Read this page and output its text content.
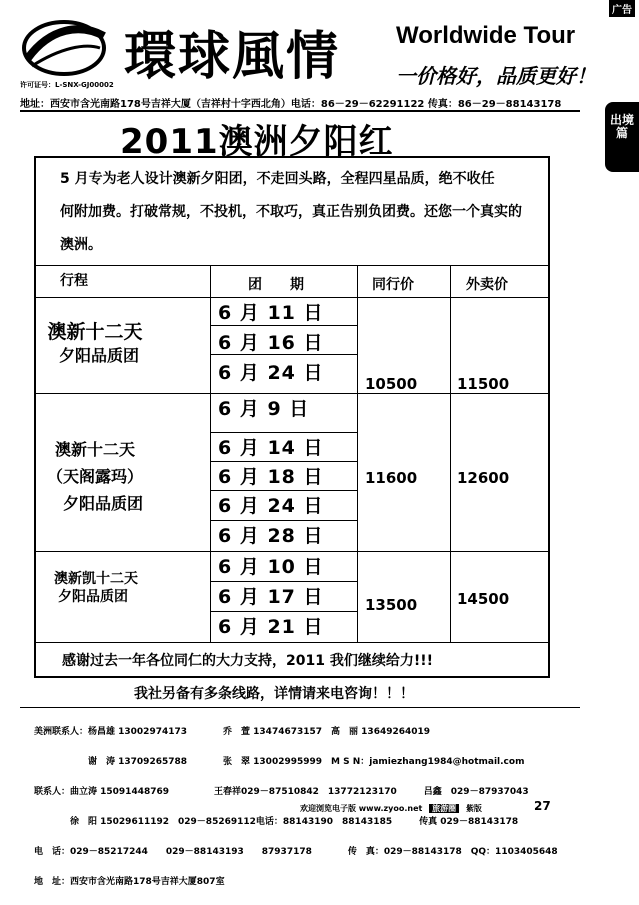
广告
出境篇
環球風情 Worldwide Tour
一价格好，品质更好！
许可证号：L-SNX-GJ00002
地址：西安市含光南路178号吉祥大厦（吉祥村十字西北角）电话：86－29－62291122 传真：86－29－88143178
2011澳洲夕阳红
5 月专为老人设计澳新夕阳团，不走回头路，全程四星品质，绝不收任
何附加费。打破常规，不投机，不取巧，真正告别负团费。还您一个真实的
澳洲。
行程	团　　期	同行价	外卖价
澳新十二天
夕阳品质团
6 月 11 日
6 月 16 日
6 月 24 日	10500	11500
澳新十二天
（天阁露玛）
夕阳品质团
6 月 9 日
6 月 14 日
6 月 18 日
6 月 24 日
6 月 28 日
11600	12600
澳新凯十二天
夕阳品质团
6 月 10 日
6 月 17 日
6 月 21 日
13500	14500
感谢过去一年各位同仁的大力支持，2011 我们继续给力!!!
我社另备有多条线路，详情请来电咨询！！！

美洲联系人：杨昌雄 13002974173　　　　乔　萱 13474673157　高　丽 13649264019

　　　　　　谢　涛 13709265788　　　　张　翠 13002995999　M S N：jamiezhang1984@hotmail.com

联系人：曲立涛 15091448769　　　　　王春祥029－87510842　13772123170　　　吕鑫　029－87937043

　　　　徐　阳 15029611192　029－85269112电话：88143190　88143185　　　传真 029－88143178

电　话：029－85217244　　029－88143193　　87937178　　　　传　真：029－88143178　QQ：1103405648

地　址：西安市含光南路178号吉祥大厦807室

欢迎浏览电子版 www.zyoo.net 旅游圈 紫版	27
